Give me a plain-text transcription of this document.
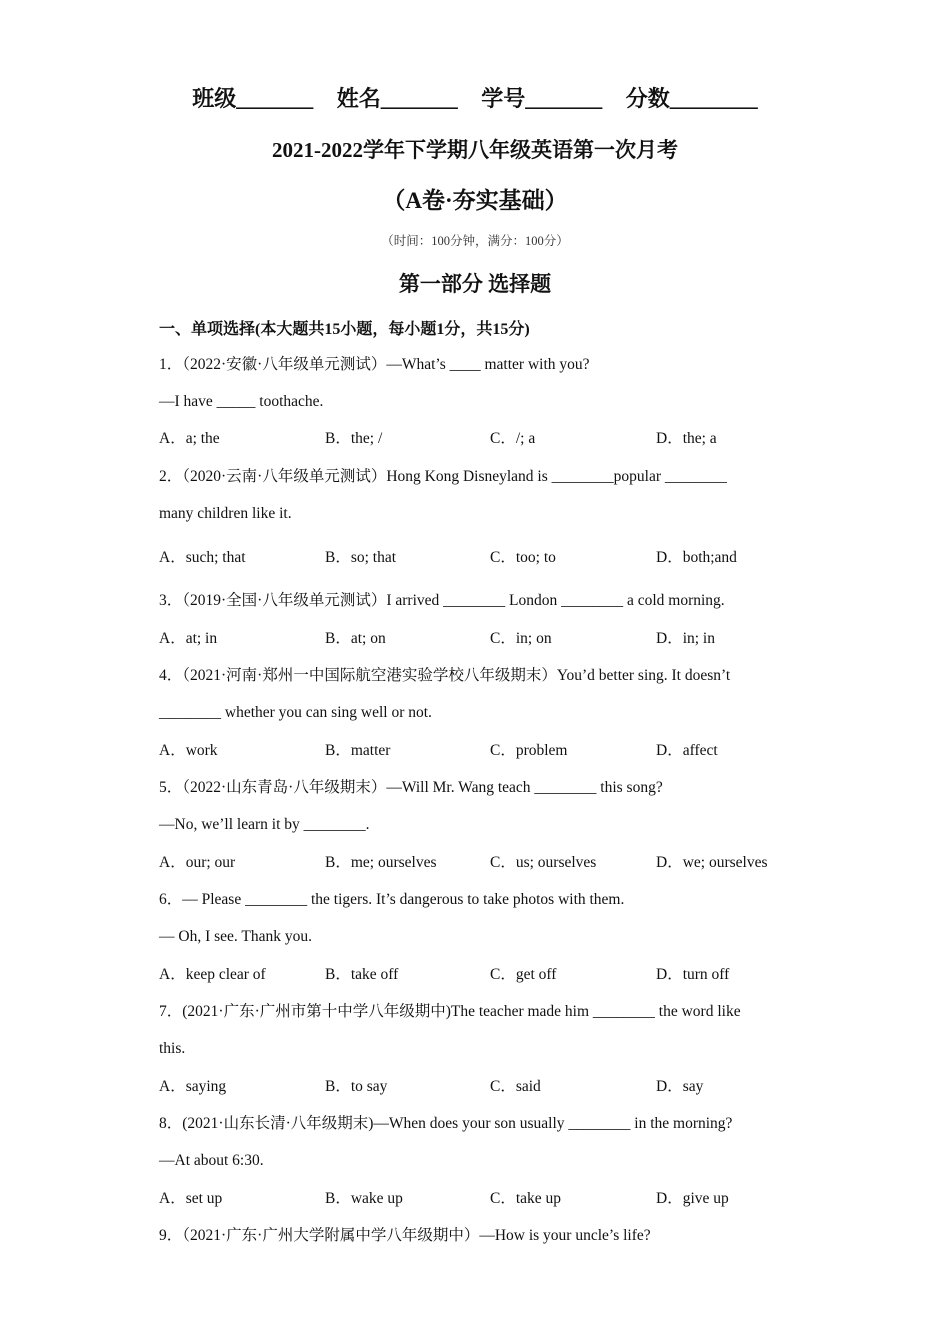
班级_______ 姓名_______ 学号_______ 分数________
2021-2022学年下学期八年级英语第一次月考
（A卷·夯实基础）
（时间：100分钟，满分：100分）
第一部分 选择题
一、单项选择(本大题共15小题，每小题1分，共15分)
1．（2022·安徽·八年级单元测试）—What’s ____ matter with you?
—I have _____ toothache.
A．a; the	B．the; /	C．/; a	D．the; a
2．（2020·云南·八年级单元测试）Hong Kong Disneyland is ________popular ________
many children like it.
A．such; that	B．so; that	C．too; to	D．both;and
3．（2019·全国·八年级单元测试）I arrived ________ London ________ a cold morning.
A．at; in	B．at; on	C．in; on	D．in; in
4．（2021·河南·郑州一中国际航空港实验学校八年级期末）You’d better sing. It doesn’t
________ whether you can sing well or not.
A．work	B．matter	C．problem	D．affect
5．（2022·山东青岛·八年级期末）—Will Mr. Wang teach ________ this song?
—No, we’ll learn it by ________.
A．our; our	B．me; ourselves	C．us; ourselves	D．we; ourselves
6．— Please ________ the tigers. It’s dangerous to take photos with them.
— Oh, I see. Thank you.
A．keep clear of	B．take off	C．get off	D．turn off
7．(2021·广东·广州市第十中学八年级期中)The teacher made him ________ the word like
this.
A．saying	B．to say	C．said	D．say
8．(2021·山东长清·八年级期末)—When does your son usually ________ in the morning?
—At about 6:30.
A．set up	B．wake up	C．take up	D．give up
9．（2021·广东·广州大学附属中学八年级期中）—How is your uncle’s life?
